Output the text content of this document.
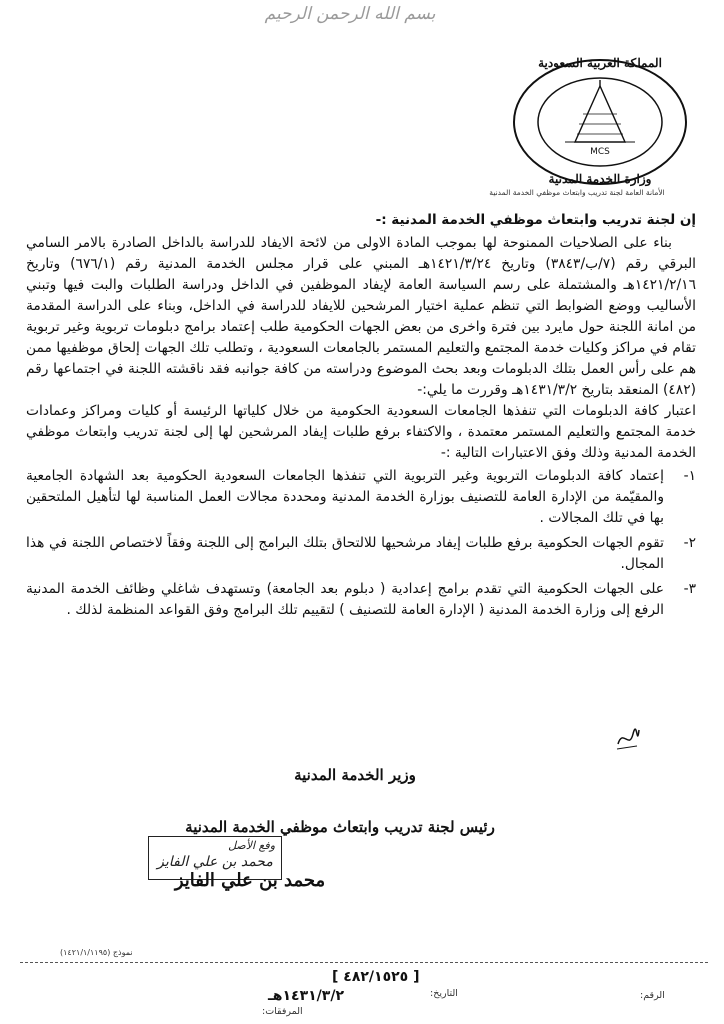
بسم الله الرحمن الرحيم
MCS
المملكة العربية السعودية
وزارة الخدمة المدنية
الأمانة العامة لجنة تدريب وابتعاث موظفي الخدمة المدنية

إن لجنة تدريب وابتعاث موظفي الخدمة المدنية :-

بناء على الصلاحيات الممنوحة لها بموجب المادة الاولى من لائحة الايفاد للدراسة بالداخل الصادرة بالامر السامي البرقي رقم (٧/ب/٣٨٤٣) وتاريخ ١٤٢١/٣/٢٤هـ المبني على قرار مجلس الخدمة المدنية رقم (٦٧٦/١) وتاريخ ١٤٢١/٢/١٦هـ والمشتملة على رسم السياسة العامة لإيفاد الموظفين في الداخل ودراسة الطلبات والبت فيها وتبني الأساليب ووضع الضوابط التي تنظم عملية اختيار المرشحين للايفاد للدراسة في الداخل، وبناء على الدراسة المقدمة من امانة اللجنة حول مايرد بين فترة واخرى من بعض الجهات الحكومية طلب إعتماد برامج دبلومات تربوية وغير تربوية تقام في مراكز وكليات خدمة المجتمع والتعليم المستمر بالجامعات السعودية ، وتطلب تلك الجهات إلحاق موظفيها ممن هم على رأس العمل بتلك الدبلومات وبعد بحث الموضوع ودراسته من كافة جوانبه فقد ناقشته اللجنة في اجتماعها رقم (٤٨٢) المنعقد بتاريخ ١٤٣١/٣/٢هـ وقررت ما يلي:-

اعتبار كافة الدبلومات التي تنفذها الجامعات السعودية الحكومية من خلال كلياتها الرئيسة أو كليات ومراكز وعمادات خدمة المجتمع والتعليم المستمر معتمدة ، والاكتفاء برفع طلبات إيفاد المرشحين لها إلى لجنة تدريب وابتعاث موظفي الخدمة المدنية وذلك وفق الاعتبارات التالية :-

١-
إعتماد كافة الدبلومات التربوية وغير التربوية التي تنفذها الجامعات السعودية الحكومية بعد الشهادة الجامعية والمقيّمة من الإدارة العامة للتصنيف بوزارة الخدمة المدنية ومحددة مجالات العمل المناسبة لها لتأهيل الملتحقين بها في تلك المجالات .
٢-
تقوم الجهات الحكومية برفع طلبات إيفاد مرشحيها للالتحاق بتلك البرامج إلى اللجنة وفقاً لاختصاص اللجنة في هذا المجال.
٣-
على الجهات الحكومية التي تقدم برامج إعدادية ( دبلوم بعد الجامعة) وتستهدف شاغلي وظائف الخدمة المدنية الرفع إلى وزارة الخدمة المدنية ( الإدارة العامة للتصنيف ) لتقييم تلك البرامج وفق القواعد المنظمة لذلك .
وزير الخدمة المدنية
رئيس لجنة تدريب وابتعاث موظفي الخدمة المدنية
وفع الأصل
محمد بن علي الفايز
محمد بن علي الفايز
نموذج (١٤٢١/١/١١٩٥)
الرقم:
[ ٤٨٢/١٥٢٥ ]
التاريخ:
١٤٣١/٣/٢هـ
المرفقات:
